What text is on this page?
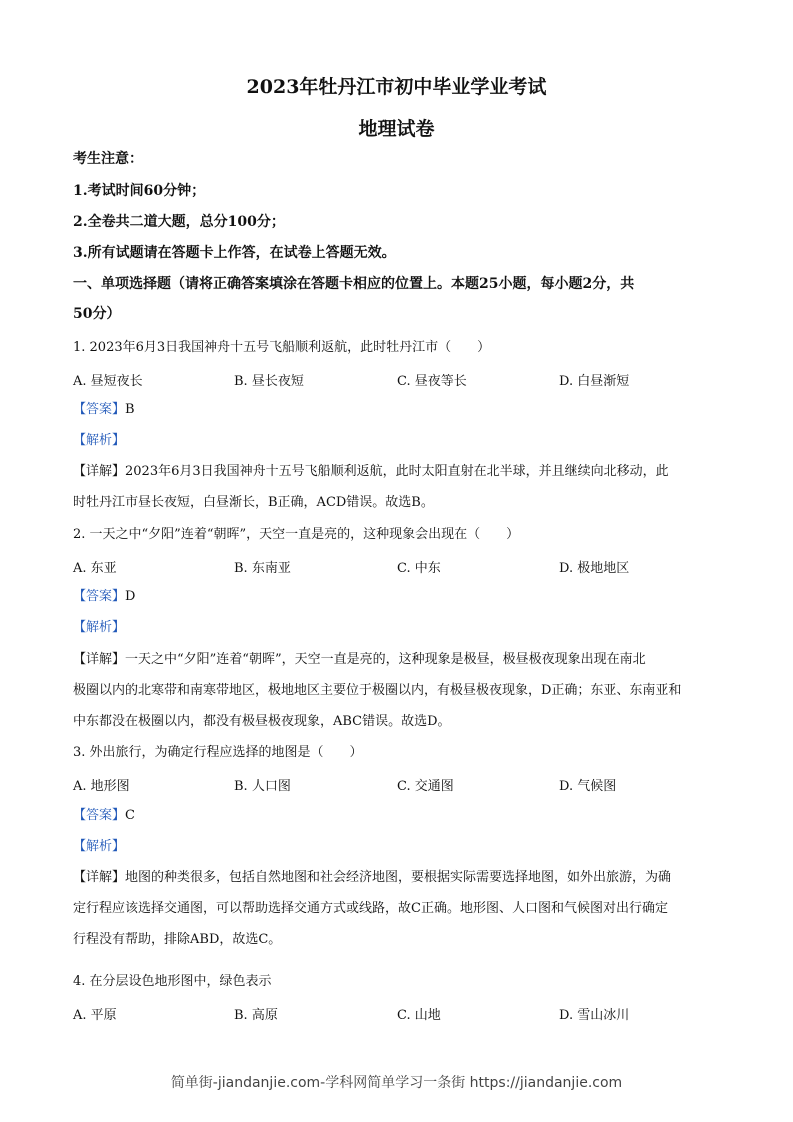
2023年牡丹江市初中毕业学业考试
地理试卷
考生注意：
1.考试时间60分钟；
2.全卷共二道大题，总分100分；
3.所有试题请在答题卡上作答，在试卷上答题无效。
一、单项选择题（请将正确答案填涂在答题卡相应的位置上。本题25小题，每小题2分，共
50分）
1. 2023年6月3日我国神舟十五号飞船顺利返航，此时牡丹江市（　　）
A. 昼短夜长	B. 昼长夜短	C. 昼夜等长	D. 白昼渐短
【答案】B
【解析】
【详解】2023年6月3日我国神舟十五号飞船顺利返航，此时太阳直射在北半球，并且继续向北移动，此
时牡丹江市昼长夜短，白昼渐长，B正确，ACD错误。故选B。
2. 一天之中“夕阳”连着“朝晖”，天空一直是亮的，这种现象会出现在（　　）
A. 东亚	B. 东南亚	C. 中东	D. 极地地区
【答案】D
【解析】
【详解】一天之中“夕阳”连着“朝晖”，天空一直是亮的，这种现象是极昼，极昼极夜现象出现在南北
极圈以内的北寒带和南寒带地区，极地地区主要位于极圈以内，有极昼极夜现象，D正确；东亚、东南亚和
中东都没在极圈以内，都没有极昼极夜现象，ABC错误。故选D。
3. 外出旅行，为确定行程应选择的地图是（　　）
A. 地形图	B. 人口图	C. 交通图	D. 气候图
【答案】C
【解析】
【详解】地图的种类很多，包括自然地图和社会经济地图，要根据实际需要选择地图，如外出旅游，为确
定行程应该选择交通图，可以帮助选择交通方式或线路，故C正确。地形图、人口图和气候图对出行确定
行程没有帮助，排除ABD，故选C。
4. 在分层设色地形图中，绿色表示
A. 平原	B. 高原	C. 山地	D. 雪山冰川
简单街-jiandanjie.com-学科网简单学习一条街 https://jiandanjie.com
